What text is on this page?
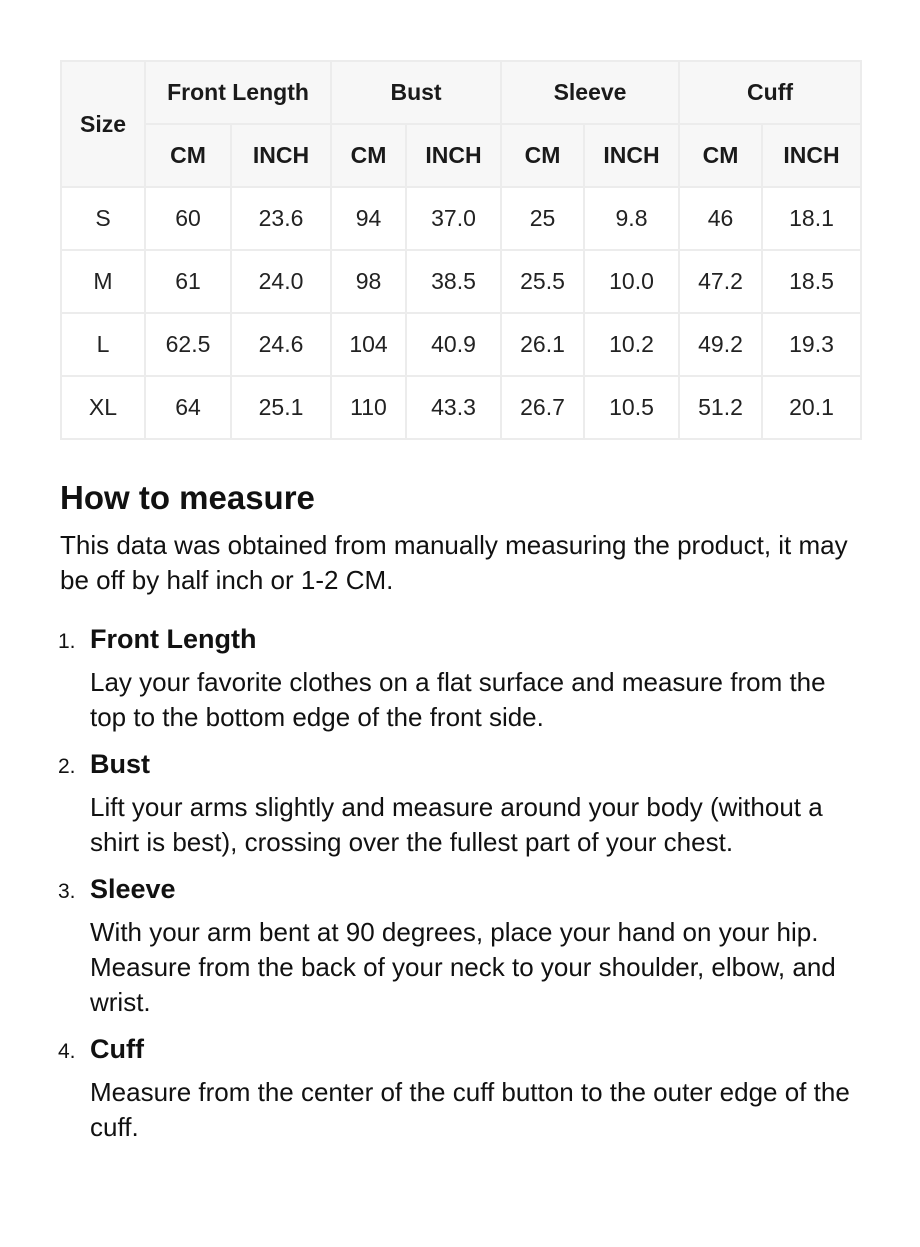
Size	Front Length		Bust		Sleeve		Cuff	
	CM	INCH	CM	INCH	CM	INCH	CM	INCH
S	60	23.6	94	37.0	25	9.8	46	18.1
M	61	24.0	98	38.5	25.5	10.0	47.2	18.5
L	62.5	24.6	104	40.9	26.1	10.2	49.2	19.3
XL	64	25.1	110	43.3	26.7	10.5	51.2	20.1
How to measure

This data was obtained from manually measuring the product, it may be off by half inch or 1-2 CM.

1. Front Length
Lay your favorite clothes on a flat surface and measure from the top to the bottom edge of the front side.
2. Bust
Lift your arms slightly and measure around your body (without a shirt is best), crossing over the fullest part of your chest.
3. Sleeve
With your arm bent at 90 degrees, place your hand on your hip. Measure from the back of your neck to your shoulder, elbow, and wrist.
4. Cuff
Measure from the center of the cuff button to the outer edge of the cuff.
